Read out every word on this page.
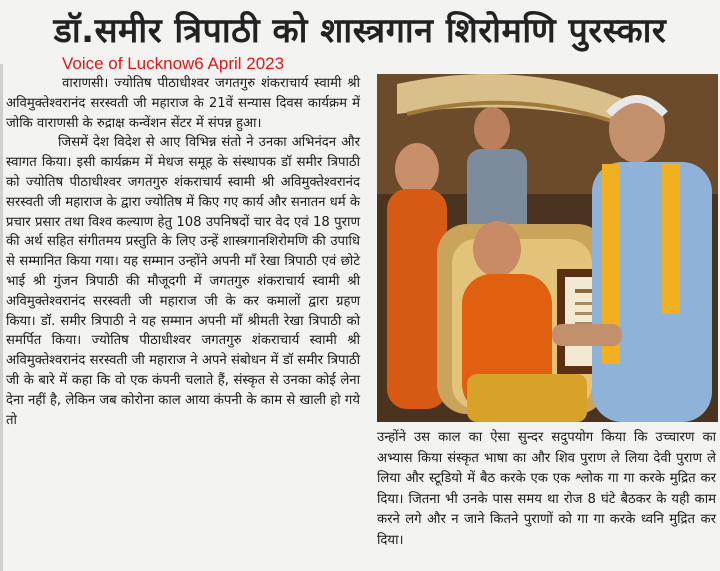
डॉ.समीर त्रिपाठी को शास्त्रगान शिरोमणि पुरस्कार
Voice of Lucknow6 April 2023

वाराणसी। ज्योतिष पीठाधीश्वर जगतगुरु शंकराचार्य स्वामी श्री अविमुक्तेश्वरानंद सरस्वती जी महाराज के 21वें सन्यास दिवस कार्यक्रम में जोकि वाराणसी के रुद्राक्ष कन्वेंशन सेंटर में संपन्न हुआ।

जिसमें देश विदेश से आए विभिन्न संतो ने उनका अभिनंदन और स्वागत किया। इसी कार्यक्रम में मेधज समूह के संस्थापक डॉ समीर त्रिपाठी को ज्योतिष पीठाधीश्वर जगतगुरु शंकराचार्य स्वामी श्री अविमुक्तेश्वरानंद सरस्वती जी महाराज के द्वारा ज्योतिष में किए गए कार्य और सनातन धर्म के प्रचार प्रसार तथा विश्व कल्याण हेतु 108 उपनिषदों चार वेद एवं 18 पुराण की अर्थ सहित संगीतमय प्रस्तुति के लिए उन्हें शास्त्रगानशिरोमणि की उपाधि से सम्मानित किया गया। यह सम्मान उन्होंने अपनी माँ रेखा त्रिपाठी एवं छोटे भाई श्री गुंजन त्रिपाठी की मौजूदगी में जगतगुरु शंकराचार्य स्वामी श्री अविमुक्तेश्वरानंद सरस्वती जी महाराज जी के कर कमालों द्वारा ग्रहण किया। डॉ. समीर त्रिपाठी ने यह सम्मान अपनी माँ श्रीमती रेखा त्रिपाठी को समर्पित किया। ज्योतिष पीठाधीश्वर जगतगुरु शंकराचार्य स्वामी श्री अविमुक्तेश्वरानंद सरस्वती जी महाराज ने अपने संबोधन में डॉ समीर त्रिपाठी जी के बारे में कहा कि वो एक कंपनी चलाते हैं, संस्कृत से उनका कोई लेना देना नहीं है, लेकिन जब कोरोना काल आया कंपनी के काम से खाली हो गये तो

उन्होंने उस काल का ऐसा सुन्दर सदुपयोग किया कि उच्चारण का अभ्यास किया संस्कृत भाषा का और शिव पुराण ले लिया देवी पुराण ले लिया और स्टूडियो में बैठ करके एक एक श्लोक गा गा करके मुद्रित कर दिया। जितना भी उनके पास समय था रोज 8 घंटे बैठकर के यही काम करने लगे और न जाने कितने पुराणों को गा गा करके ध्वनि मुद्रित कर दिया।
